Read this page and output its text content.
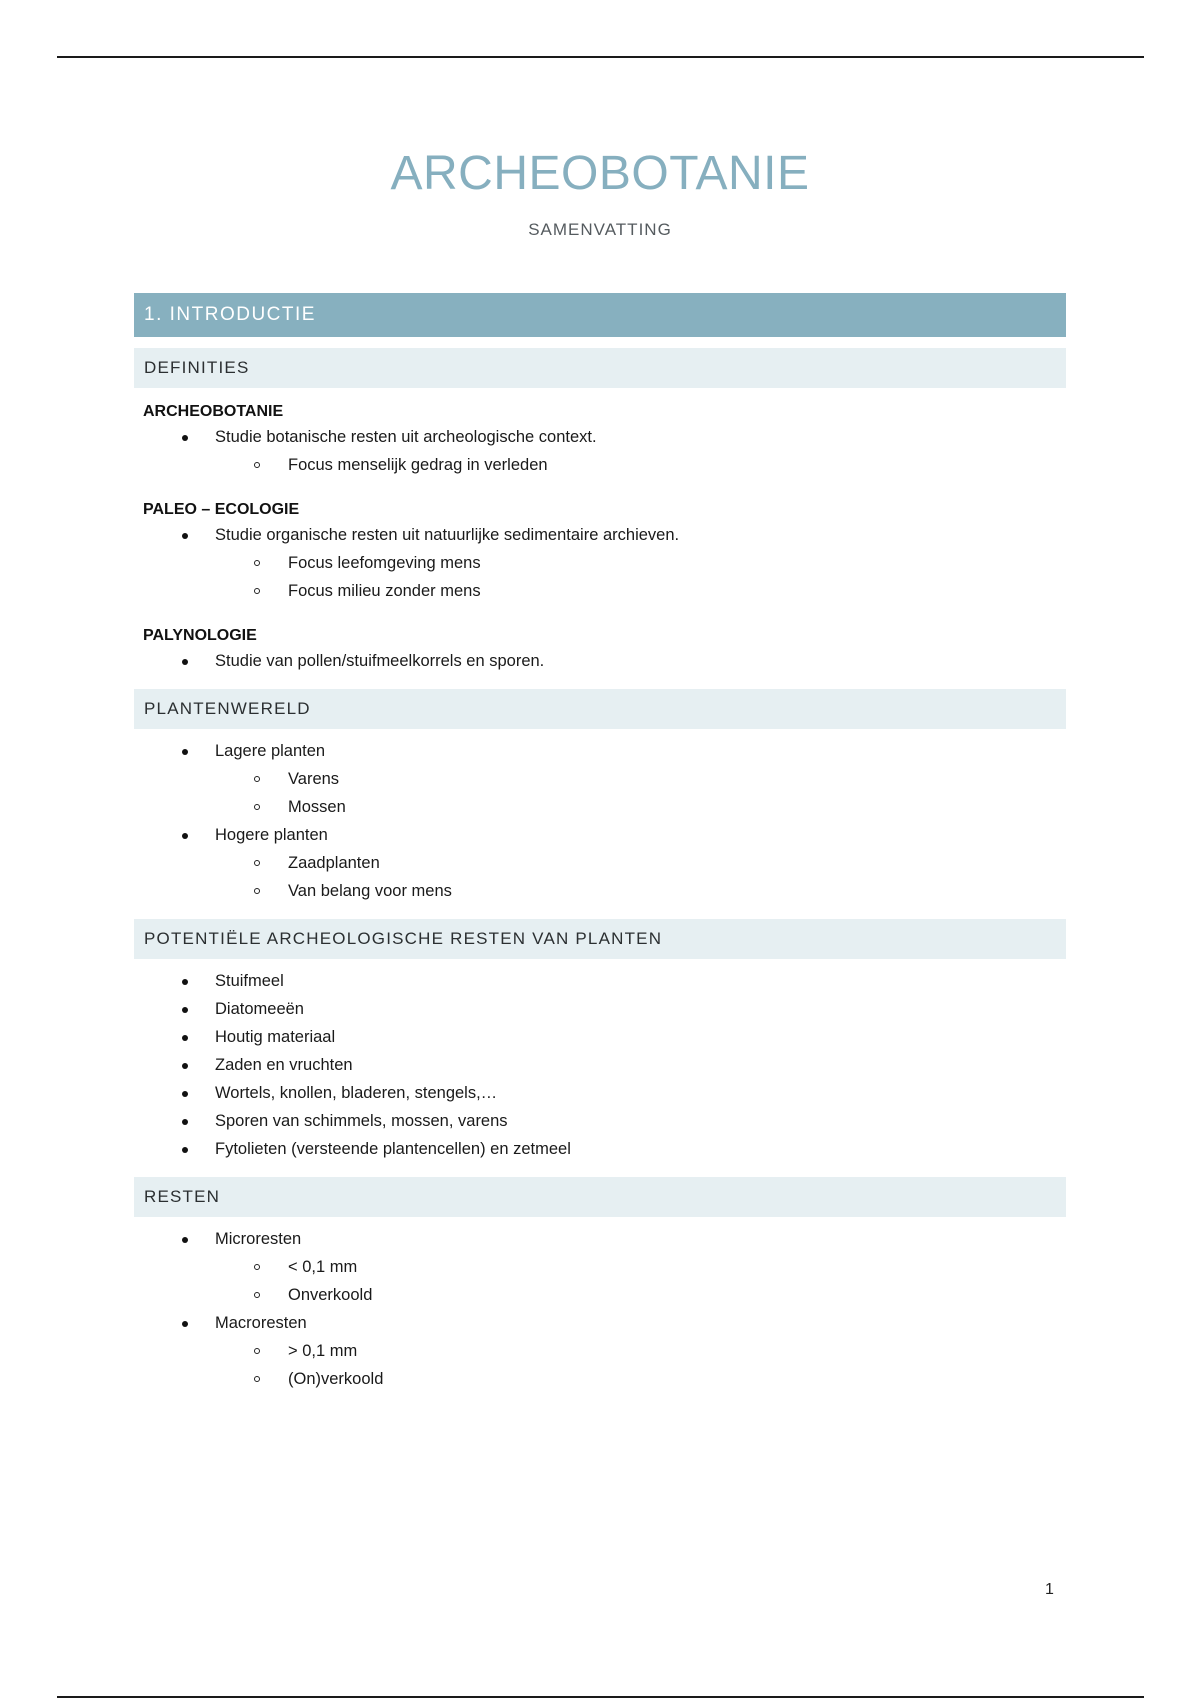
ARCHEOBOTANIE
SAMENVATTING
1. INTRODUCTIE
DEFINITIES
ARCHEOBOTANIE
Studie botanische resten uit archeologische context.
Focus menselijk gedrag in verleden
PALEO – ECOLOGIE
Studie organische resten uit natuurlijke sedimentaire archieven.
Focus leefomgeving mens
Focus milieu zonder mens
PALYNOLOGIE
Studie van pollen/stuifmeelkorrels en sporen.
PLANTENWERELD
Lagere planten
Varens
Mossen
Hogere planten
Zaadplanten
Van belang voor mens
POTENTIËLE ARCHEOLOGISCHE RESTEN VAN PLANTEN
Stuifmeel
Diatomeeën
Houtig materiaal
Zaden en vruchten
Wortels, knollen, bladeren, stengels,…
Sporen van schimmels, mossen, varens
Fytolieten (versteende plantencellen) en zetmeel
RESTEN
Microresten
< 0,1 mm
Onverkoold
Macroresten
> 0,1 mm
(On)verkoold
1
